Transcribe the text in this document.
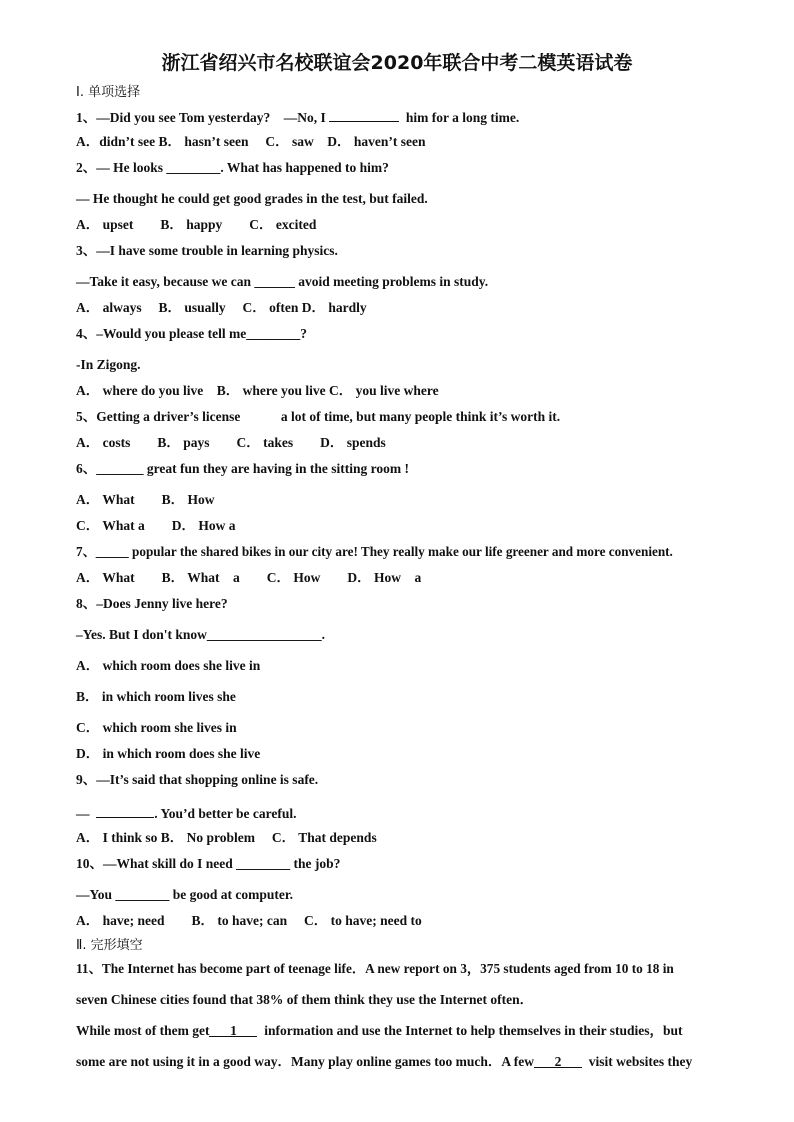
浙江省绍兴市名校联谊会2020年联合中考二模英语试卷
Ⅰ. 单项选择
1、—Did you see Tom yesterday?　—No, I	him for a long time.
A．didn’t see B． hasn’t seen　 C． saw　D． haven’t seen
2、— He looks ________. What has happened to him?
— He thought he could get good grades in the test, but failed.
A． upset　　B． happy　　C． excited
3、—I have some trouble in learning physics.
—Take it easy, because we can ______ avoid meeting problems in study.
A． always　 B． usually　 C． often D． hardly
4、–Would you please tell me________?
-In Zigong.
A． where do you live　B． where you live C． you live where
5、Getting a driver’s license　　　a lot of time, but many people think it’s worth it.
A． costs　　B． pays　　C． takes　　D． spends
6、_______ great fun they are having in the sitting room !
A． What　　B． How
C． What a　　D． How a
7、_____ popular the shared bikes in our city are! They really make our life greener and more convenient.
A． What　　B． What　a　　C． How　　D． How　a
8、–Does Jenny live here?
–Yes. But I don't know_________________.
A． which room does she live in
B． in which room lives she
C． which room she lives in
D． in which room does she live
9、—It’s said that shopping online is safe.
—	. You’d better be careful.
A． I think so B． No problem　 C． That depends
10、—What skill do I need ________ the job?
—You ________ be good at computer.
A． have; need　　B． to have; can　 C． to have; need to
Ⅱ. 完形填空
11、The Internet has become part of teenage life．A new report on 3，375 students aged from 10 to 18 in
seven Chinese cities found that 38% of them think they use the Internet often．
While most of them get 1 information and use the Internet to help themselves in their studies，but
some are not using it in a good way．Many play online games too much．A few 2 visit websites they
